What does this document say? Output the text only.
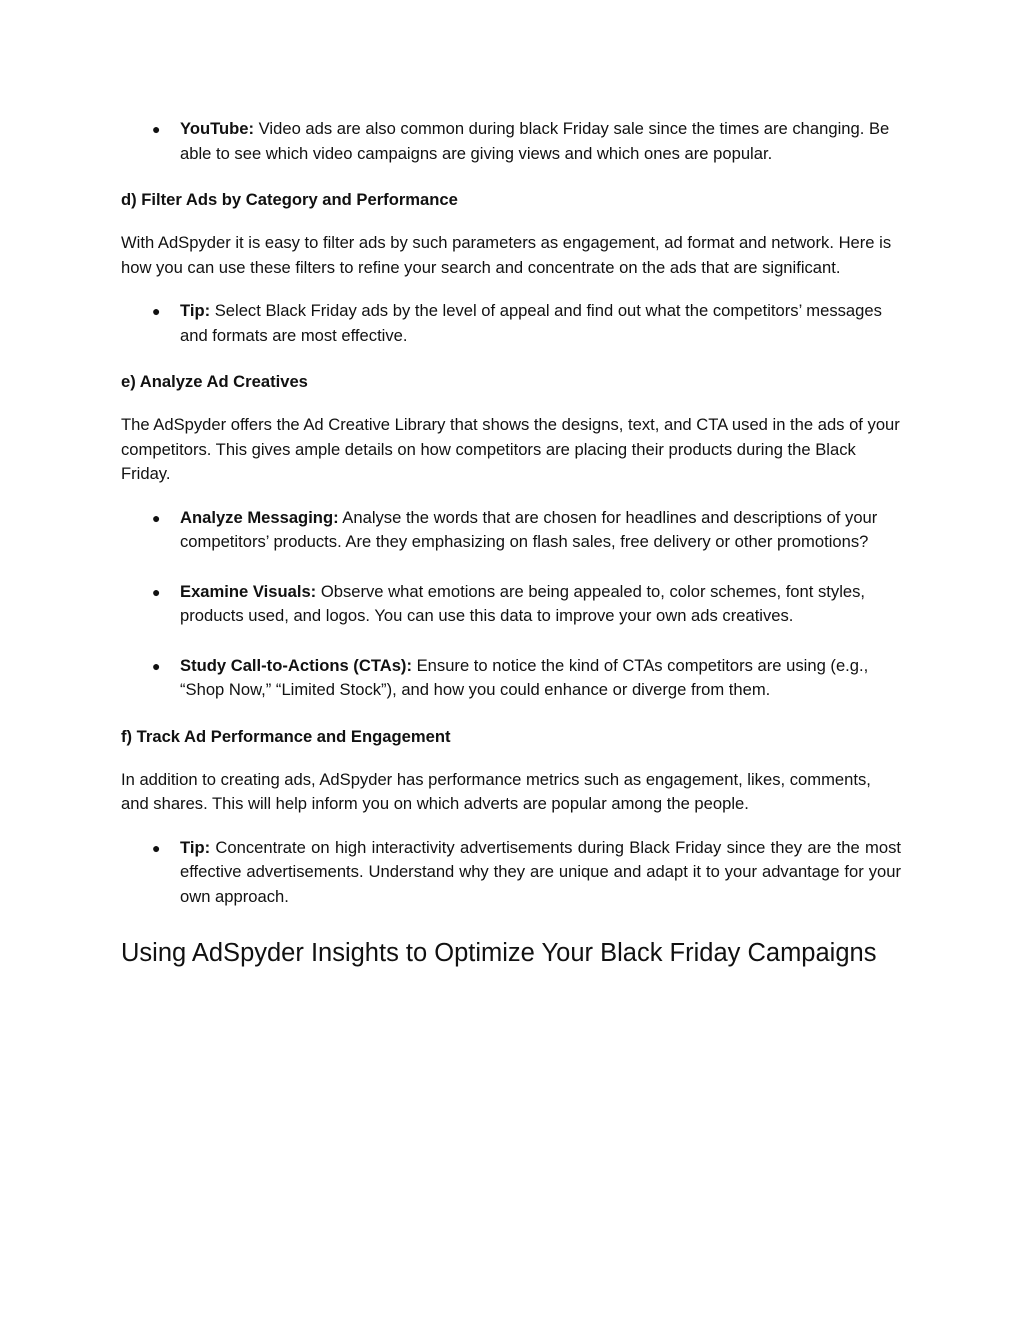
● YouTube: Video ads are also common during black Friday sale since the times are changing. Be able to see which video campaigns are giving views and which ones are popular.

d) Filter Ads by Category and Performance

With AdSpyder it is easy to filter ads by such parameters as engagement, ad format and network. Here is how you can use these filters to refine your search and concentrate on the ads that are significant.

● Tip: Select Black Friday ads by the level of appeal and find out what the competitors’ messages and formats are most effective.

e) Analyze Ad Creatives

The AdSpyder offers the Ad Creative Library that shows the designs, text, and CTA used in the ads of your competitors. This gives ample details on how competitors are placing their products during the Black Friday.

● Analyze Messaging: Analyse the words that are chosen for headlines and descriptions of your competitors’ products. Are they emphasizing on flash sales, free delivery or other promotions?

● Examine Visuals: Observe what emotions are being appealed to, color schemes, font styles, products used, and logos. You can use this data to improve your own ads creatives.

● Study Call-to-Actions (CTAs): Ensure to notice the kind of CTAs competitors are using (e.g., “Shop Now,” “Limited Stock”), and how you could enhance or diverge from them.

f) Track Ad Performance and Engagement

In addition to creating ads, AdSpyder has performance metrics such as engagement, likes, comments, and shares. This will help inform you on which adverts are popular among the people.

● Tip: Concentrate on high interactivity advertisements during Black Friday since they are the most effective advertisements. Understand why they are unique and adapt it to your advantage for your own approach.

Using AdSpyder Insights to Optimize Your Black Friday Campaigns
